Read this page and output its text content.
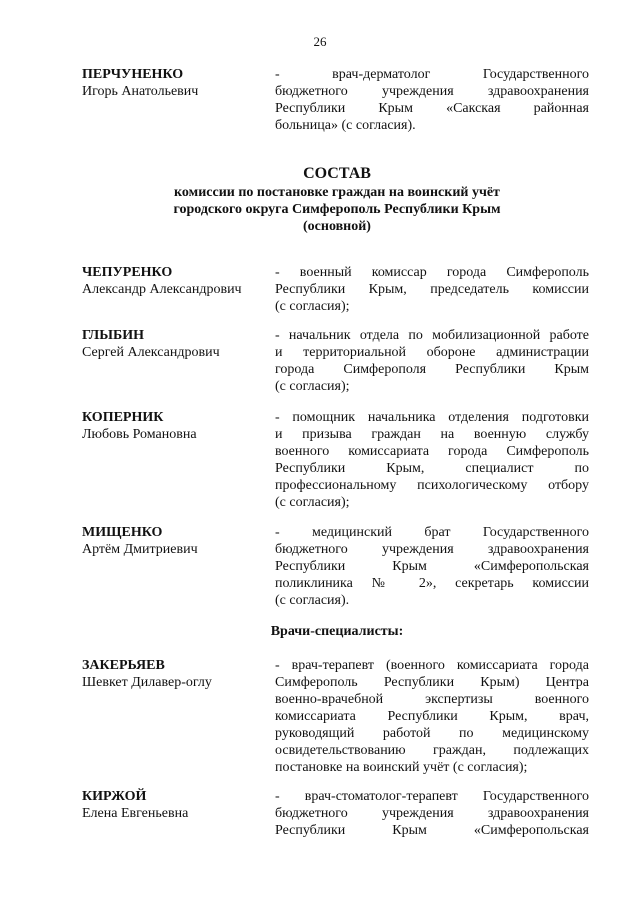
26
ПЕРЧУНЕНКО
Игорь Анатольевич
- врач-дерматолог Государственного
бюджетного учреждения здравоохранения
Республики Крым «Сакская районная
больница» (с согласия).
СОСТАВ
комиссии по постановке граждан на воинский учёт
городского округа Симферополь Республики Крым
(основной)
ЧЕПУРЕНКО
Александр Александрович
- военный комиссар города Симферополь
Республики Крым, председатель комиссии
(с согласия);
ГЛЫБИН
Сергей Александрович
- начальник отдела по мобилизационной работе
и территориальной обороне администрации
города Симферополя Республики Крым
(с согласия);
КОПЕРНИК
Любовь Романовна
- помощник начальника отделения подготовки
и призыва граждан на военную службу
военного комиссариата города Симферополь
Республики Крым, специалист по
профессиональному психологическому отбору
(с согласия);
МИЩЕНКО
Артём Дмитриевич
- медицинский брат Государственного
бюджетного учреждения здравоохранения
Республики Крым «Симферопольская
поликлиника № 2», секретарь комиссии
(с согласия).
Врачи-специалисты:
ЗАКЕРЬЯЕВ
Шевкет Дилавер-оглу
- врач-терапевт (военного комиссариата города
Симферополь Республики Крым) Центра
военно-врачебной экспертизы военного
комиссариата Республики Крым, врач,
руководящий работой по медицинскому
освидетельствованию граждан, подлежащих
постановке на воинский учёт (с согласия);
КИРЖОЙ
Елена Евгеньевна
- врач-стоматолог-терапевт Государственного
бюджетного учреждения здравоохранения
Республики Крым «Симферопольская
